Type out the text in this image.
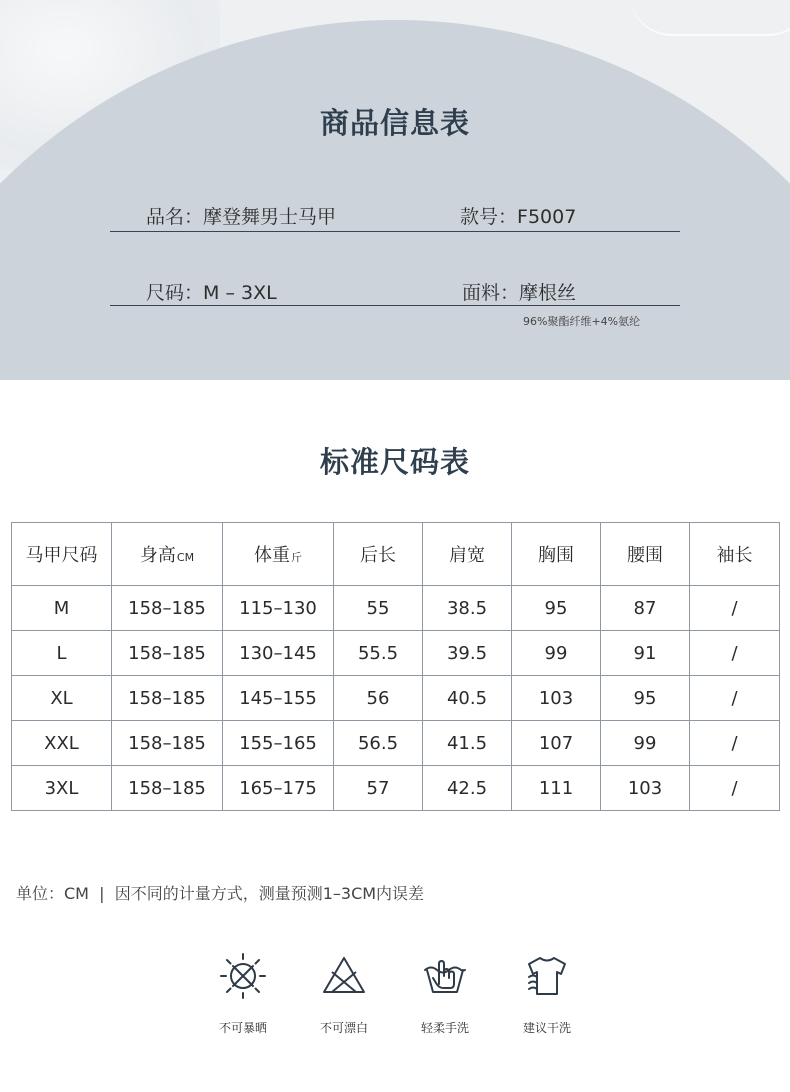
商品信息表
品名：摩登舞男士马甲	款号：F5007
尺码：M – 3XL	面料：摩根丝
96%聚酯纤维+4%氨纶
标准尺码表
马甲尺码	身高CM	体重斤	后长	肩宽	胸围	腰围	袖长
M	158–185	115–130	55	38.5	95	87	/
L	158–185	130–145	55.5	39.5	99	91	/
XL	158–185	145–155	56	40.5	103	95	/
XXL	158–185	155–165	56.5	41.5	107	99	/
3XL	158–185	165–175	57	42.5	111	103	/
单位：CM  |  因不同的计量方式，测量预测1–3CM内误差
不可暴晒	不可漂白	轻柔手洗	建议干洗
